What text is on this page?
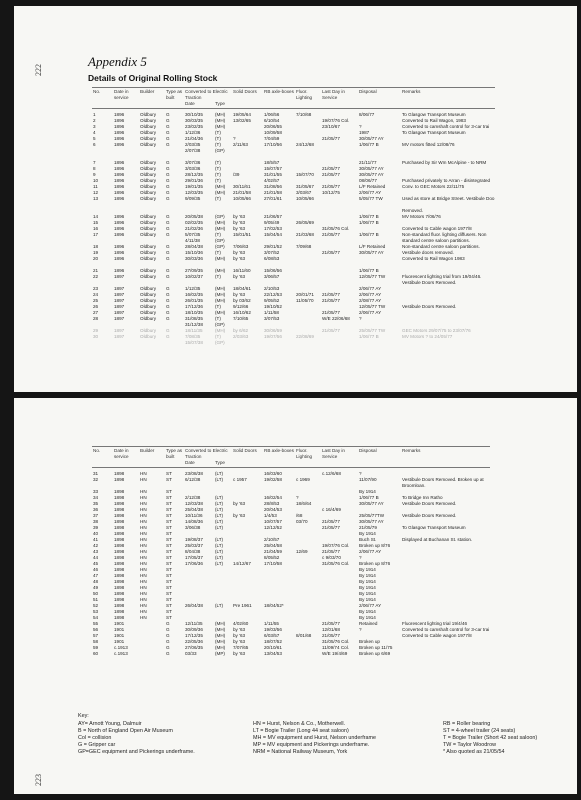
222
Appendix 5
Details of Original Rolling Stock
No.	Date in service	Builder	Type as built	Converted to Electric Traction		Solid Doors	RB axle-boxes	Fluor. Lighting	Last Day in Service	Disposal	Remarks
				Date	Type						
1	1896	Oldbury	G	30/10/35	(MH)	19/05/64	1/06/56	7/10/68		8/06/77	To Glasgow Transport Museum
2	1896	Oldbury	G	30/03/35	(MH)	13/02/65	6/10/54		19/07/76 Col.		Converted to Rail Wagon, 1983
3	1896	Oldbury	G	23/02/35	(MH)		20/06/55		23/10/67	?	Converted to camshaft control for 3-car trai
4	1896	Oldbury	G	1/12/36	(T)		10/09/58			1987	To Glasgow Transport Museum
5	1896	Oldbury	G	21/04/36	(T)	?	7/04/59		21/05/77	30/05/77 AY	
6	1896	Oldbury	G	2/03/35	(T)	2/11/63	17/10/56	24/12/68		1/06/77 B	MV motors fitted 12/08/76
				2/07/38	(GP)						

7	1896	Oldbury	G	3/07/36	(T)		18/5/57			21/11/77	Purchased by Sir Wm McAlpine - to NRM
8	1896	Oldbury	G	3/03/36	(T)		15/07/57		21/05/77	30/05/77 AY	
9	1896	Oldbury	G	28/12/35	(T)	/39	31/01/55	15/07/70	21/05/77	30/05/77 AY	
10	1896	Oldbury	G	29/01/36	(T)		4/02/57			08/06/77	Purchased privately to Arran - disintegrated
11	1896	Oldbury	G	19/01/35	(MH)	30/11/61	31/08/56	31/05/67	21/05/77	L/F Retained	Conv. to GEC Motors 22/11/75
12	1896	Oldbury	G	12/03/35	(MH)	21/01/58	21/01/58	3/03/67	10/12/75	2/06/77 AY	
13	1896	Oldbury	G	9/09/35	(T)	10/05/66	27/01/61	10/05/66		5/05/77 TW	Used as store at Bridge Street. Vestibule Doo

											Removed.
14	1896	Oldbury	G	20/05/38	(GP)	by '63	21/06/57			1/06/77 B	MV Motors 7/06/76
15	1896	Oldbury	G	02/02/35	(MH)	by '63	9/05/49	26/05/69		1/06/77 B	
16	1896	Oldbury	G	21/02/36	(MH)	by '63	17/02/53		31/05/76 Col.		Converted to Cable wagon 1977/8
17	1896	Oldbury	G	5/07/35	(T)	15/01/51	15/04/54	21/03/68	21/05/77	1/06/77 B	Non-standard fluor. lighting diffusers. Non
				4/11/38	(GP)						standard centre saloon partitions.
18	1896	Oldbury	G	28/04/38	(GP)	7/06/63	29/01/52	7/09/68		L/F Retained	Non-standard centre saloon partitions.
19	1896	Oldbury	G	15/10/36	(T)	by '63	3/07/52		21/05/77	30/05/77 AY	Vestibule doors removed.
20	1896	Oldbury	G	30/03/36	(MH)	by '63	6/08/53				Converted to Rail Wagon 1983

21	1896	Oldbury	G	27/09/35	(MH)	16/11/60	15/06/56			1/06/77 B	
22	1897	Oldbury	G	10/02/37	(T)	by '63	3/06/57			12/05/77 TW	Fluorescent lighting trial from 19/04/46.
											Vestibule Doors Removed.
23	1897	Oldbury	G	1/12/35	(MH)	18/04/61	2/10/53			2/06/77 AY	
24	1897	Oldbury	G	16/02/35	(MH)	by '63	22/12/53	20/01/71	21/05/77	2/06/77 AY	
25	1897	Oldbury	G	26/01/35	(MH)	by 03/62	9/05/52	11/05/70	21/05/77	2/08/77 AY	
26	1897	Oldbury	G	17/12/36	(T)	9/12/66	19/10/52			12/05/77 TW	Vestibule Doors Removed.
27	1897	Oldbury	G	18/10/35	(MH)	16/10/62	1/11/58		21/05/77	2/06/77 AY	
28	1897	Oldbury	G	31/08/35	(T)	7/10/65	3/07/53		W/E 22/06/68	?	
				31/12/38	(GP)						
29	1897	Oldbury	G	18/11/35	(MH)	by 6/62	30/06/59		21/05/77	25/05/77 TW	GEC Motors 29/07/75 to 23/07/76
30	1897	Oldbury	G	7/08/35	(T)	2/03/63	19/07/56	22/08/69		1/06/77 B	MV Motors ? to 24/05/77
				15/07/38	(GP)						
223
No.	Date in service	Builder	Type as built	Converted to Electric Traction		Solid Doors	RB axle-boxes	Fluor. Lighting	Last Day in Service	Disposal	Remarks
				Date	Type						
31	1898	HN	ST	23/08/38	(LT)		16/03/60		c.12/6/68	?	
32	1898	HN	ST	6/12/38	(LT)	c 1957	19/02/58	c 1969		11/07/90	Vestibule Doors Removed. Broken up at
											Broomloan.
33	1898	HN	ST							By 1914	
34	1898	HN	ST	2/12/38	(LT)		16/02/54	?		1/06/77 B	To Bridge Inn Ratho
35	1898	HN	ST	12/03/38	(LT)	by '63	28/8/53	18/6/64		30/05/77 AY	Vestibule Doors Removed.
36	1898	HN	ST	25/04/38	(LT)		20/04/53		c 16/4/69		
37	1898	HN	ST	10/11/36	(LT)	by '63	1/4/53	/68		25/05/77TW	Vestibule Doors Removed.
38	1898	HN	ST	14/08/36	(LT)		10/07/57	03/70	21/05/77	30/05/77 AY	
39	1898	HN	ST	3/06/38	(LT)		12/12/52		21/05/77	21/05/79	To Glasgow Transport Museum
40	1898	HN	ST							By 1914	
41	1898	HN	ST	19/08/37	(LT)		2/10/57			Buch St.	Displayed at Buchanan St. station.
42	1898	HN	ST	25/03/37	(LT)		25/04/58		19/07/76 Col.	Broken up 8/76	
43	1898	HN	ST	8/04/38	(LT)		21/04/59	12/69	21/05/77	2/06/77 AY	
44	1898	HN	ST	17/05/37	(LT)		8/05/52		c 9/03/70	?	
45	1898	HN	ST	17/06/36	(LT)	14/12/67	17/10/58		31/05/76 Col.	Broken up 8/76	
46	1898	HN	ST							By 1914	
47	1898	HN	ST							By 1914	
48	1898	HN	ST							By 1914	
49	1898	HN	ST							By 1914	
50	1898	HN	ST							By 1914	
51	1898	HN	ST							By 1914	
52	1898	HN	ST	26/04/38	(LT)	Pre 1961	18/04/52*			2/06/77 AY	
53	1898	HN	ST							By 1914	
54	1898	HN	ST							By 1914	
55	1901		G	12/11/35	(MH)	4/02/60	1/11/55		21/05/77	Retained	Fluorescent lighting trial 19/4/46
56	1901		G	30/09/36	(MH)	by '63	19/03/56		12/01/68	?	Converted to camshaft control for 3-car trai
57	1901		G	17/12/35	(MH)	by '63	6/03/57	8/01/68	21/05/77		Converted to Cable wagon 1977/8
58	1901		G	22/05/36	(MH)	by '63	18/07/52		31/05/76 Col.	Broken up	
59	c.1913		G	27/06/35	(MH)	7/07/65	20/10/61		11/09/74 Col.	Broken up 11/75	
60	c.1913		G	03/33	(MP)	by '63	13/04/53		W/E 19/4/69	Broken up 6/69	
Key:
AY= Arnott Young, Dalmuir
B = North of England Open Air Museum
Col = collision
G = Gripper car
GP=GEC equipment and Pickerings underframe.
HN = Hurst, Nelson & Co., Motherwell.
LT = Bogie Trailer (Long 44 seat saloon)
MH = MV equipment and Hurst, Nelson underframe
MP = MV equipment and Pickerings underframe.
NRM = National Railway Museum, York
RB = Roller bearing
ST = 4-wheel trailer (24 seats)
T = Bogie Trailer (Short 42 seat saloon)
TW = Taylor Woodrow
* Also quoted as 21/05/54
